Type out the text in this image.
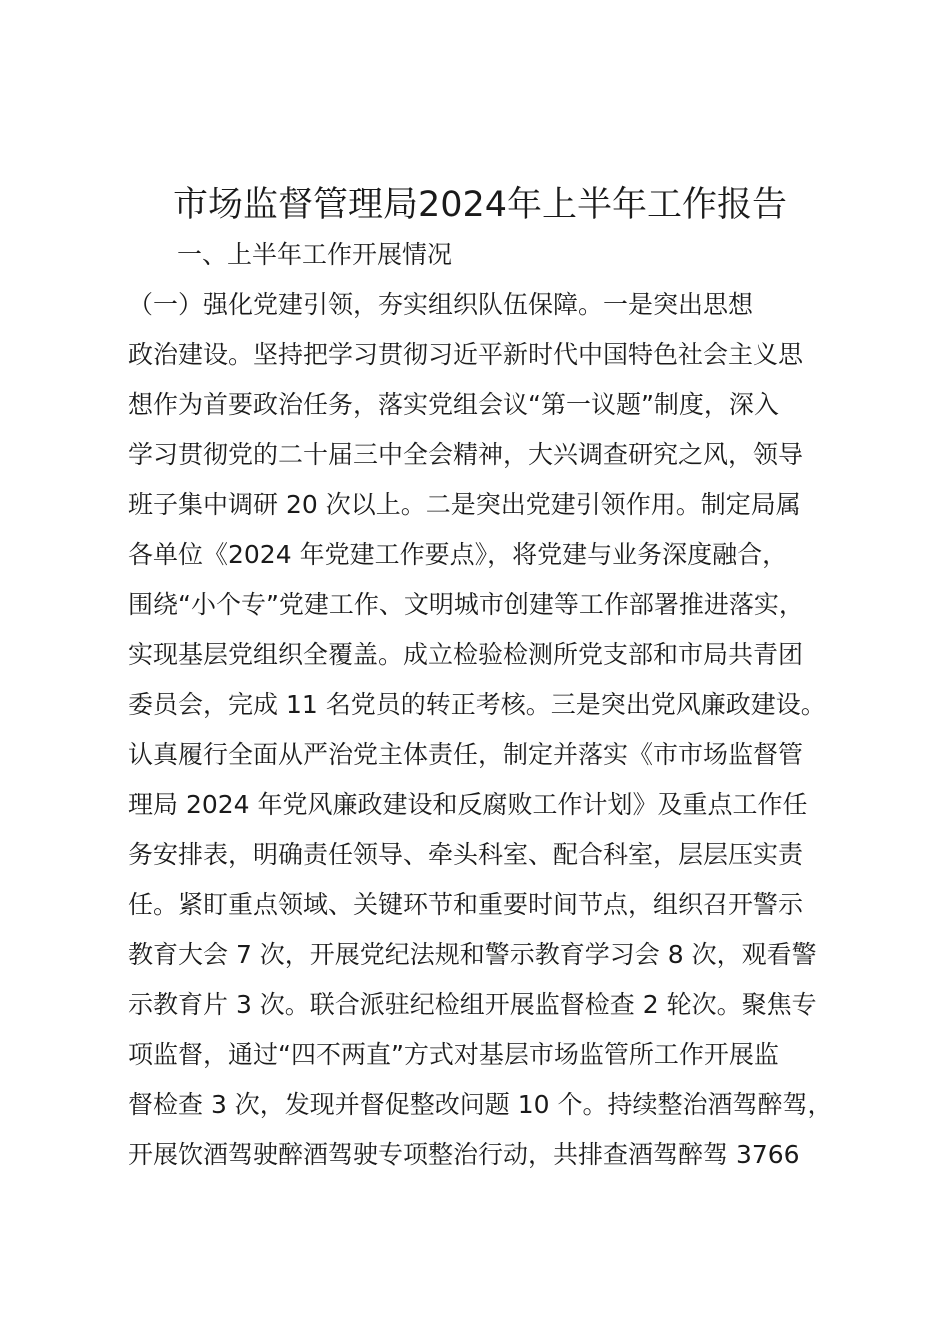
市场监督管理局2024年上半年工作报告
一、上半年工作开展情况
（一）强化党建引领，夯实组织队伍保障。一是突出思想
政治建设。坚持把学习贯彻习近平新时代中国特色社会主义思
想作为首要政治任务，落实党组会议“第一议题”制度，深入
学习贯彻党的二十届三中全会精神，大兴调查研究之风，领导
班子集中调研 20 次以上。二是突出党建引领作用。制定局属
各单位《2024 年党建工作要点》，将党建与业务深度融合，
围绕“小个专”党建工作、文明城市创建等工作部署推进落实，
实现基层党组织全覆盖。成立检验检测所党支部和市局共青团
委员会，完成 11 名党员的转正考核。三是突出党风廉政建设。
认真履行全面从严治党主体责任，制定并落实《市市场监督管
理局 2024 年党风廉政建设和反腐败工作计划》及重点工作任
务安排表，明确责任领导、牵头科室、配合科室，层层压实责
任。紧盯重点领域、关键环节和重要时间节点，组织召开警示
教育大会 7 次，开展党纪法规和警示教育学习会 8 次，观看警
示教育片 3 次。联合派驻纪检组开展监督检查 2 轮次。聚焦专
项监督，通过“四不两直”方式对基层市场监管所工作开展监
督检查 3 次，发现并督促整改问题 10 个。持续整治酒驾醉驾，
开展饮酒驾驶醉酒驾驶专项整治行动，共排查酒驾醉驾 3766
